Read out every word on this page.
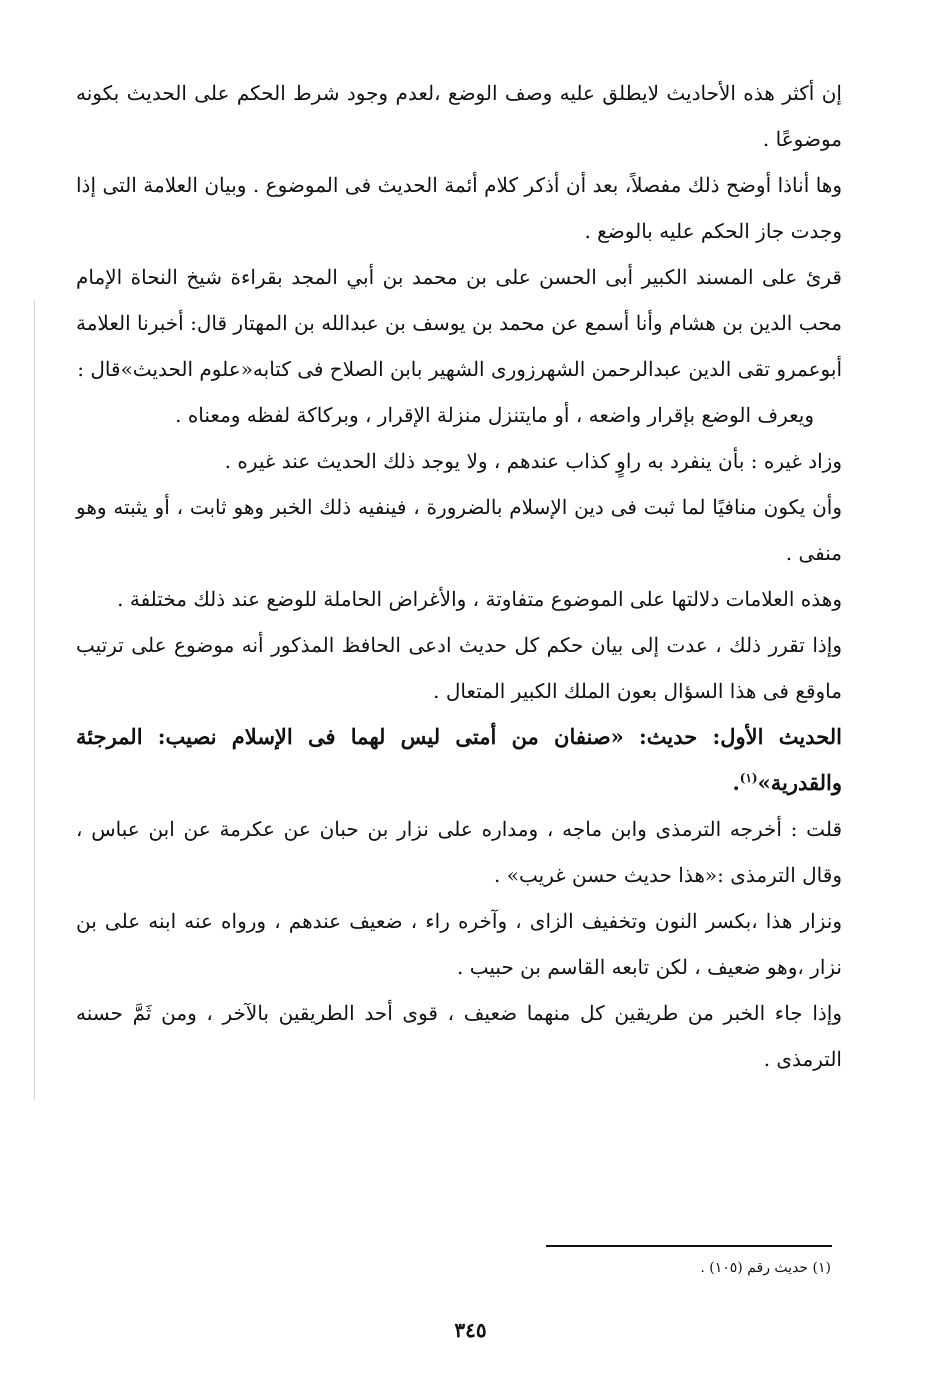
إن أكثر هذه الأحاديث لايطلق عليه وصف الوضع ،لعدم وجود شرط الحكم على الحديث بكونه موضوعًا .

وها أناذا أوضح ذلك مفصلاً، بعد أن أذكر كلام أئمة الحديث فى الموضوع . وبيان العلامة التى إذا وجدت جاز الحكم عليه بالوضع .

قرئ على المسند الكبير أبى الحسن على بن محمد بن أبي المجد بقراءة شيخ النحاة الإمام محب الدين بن هشام وأنا أسمع عن محمد بن يوسف بن عبدالله بن المهتار قال: أخبرنا العلامة أبوعمرو تقى الدين عبدالرحمن الشهرزورى الشهير بابن الصلاح فى كتابه«علوم الحديث»قال :

ويعرف الوضع بإقرار واضعه ، أو مايتنزل منزلة الإقرار ، وبركاكة لفظه ومعناه .

وزاد غيره : بأن ينفرد به راوٍ كذاب عندهم ، ولا يوجد ذلك الحديث عند غيره .

وأن يكون منافيًا لما ثبت فى دين الإسلام بالضرورة ، فينفيه ذلك الخبر وهو ثابت ، أو يثبته وهو منفى .

وهذه العلامات دلالتها على الموضوع متفاوتة ، والأغراض الحاملة للوضع عند ذلك مختلفة .

وإذا تقرر ذلك ، عدت إلى بيان حكم كل حديث ادعى الحافظ المذكور أنه موضوع على ترتيب ماوقع فى هذا السؤال بعون الملك الكبير المتعال .

الحديث الأول: حديث: «صنفان من أمتى ليس لهما فى الإسلام نصيب: المرجئة والقدرية»$^{(١)}$.

قلت : أخرجه الترمذى وابن ماجه ، ومداره على نزار بن حبان عن عكرمة عن ابن عباس ، وقال الترمذى :«هذا حديث حسن غريب» .

ونزار هذا ،بكسر النون وتخفيف الزاى ، وآخره راء ، ضعيف عندهم ، ورواه عنه ابنه على بن نزار ،وهو ضعيف ، لكن تابعه القاسم بن حبيب .

وإذا جاء الخبر من طريقين كل منهما ضعيف ، قوى أحد الطريقين بالآخر ، ومن ثَمَّ حسنه الترمذى .

(١) حديث رقم (١٠٥) .
٣٤٥
